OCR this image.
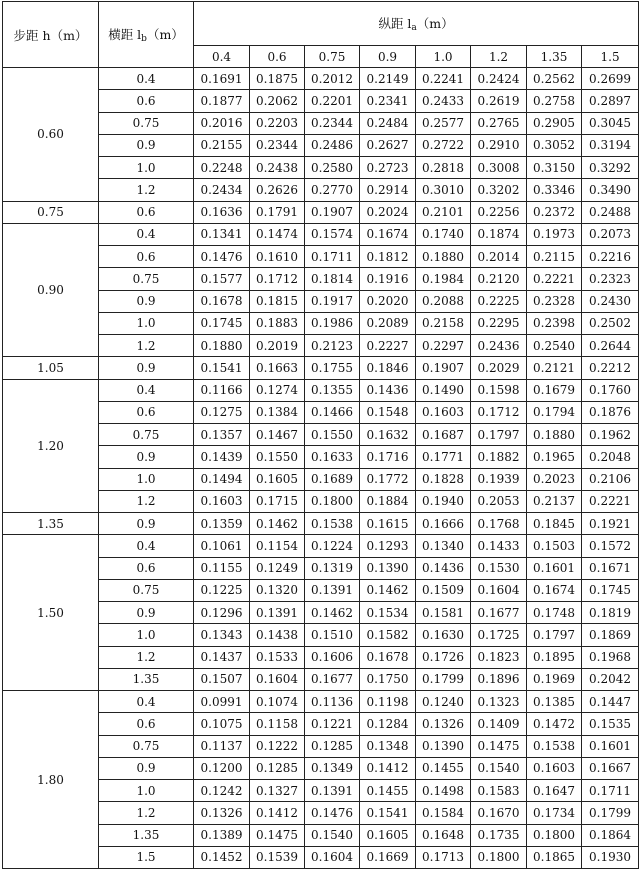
步距 h（m）	横距 $l_b(m)$	纵距 $l_a(m)$							
		0.4	0.6	0.75	0.9	1.0	1.2	1.35	1.5
0.60	0.4	0.1691	0.1875	0.2012	0.2149	0.2241	0.2424	0.2562	0.2699
	0.6	0.1877	0.2062	0.2201	0.2341	0.2433	0.2619	0.2758	0.2897
	0.75	0.2016	0.2203	0.2344	0.2484	0.2577	0.2765	0.2905	0.3045
	0.9	0.2155	0.2344	0.2486	0.2627	0.2722	0.2910	0.3052	0.3194
	1.0	0.2248	0.2438	0.2580	0.2723	0.2818	0.3008	0.3150	0.3292
	1.2	0.2434	0.2626	0.2770	0.2914	0.3010	0.3202	0.3346	0.3490
0.75	0.6	0.1636	0.1791	0.1907	0.2024	0.2101	0.2256	0.2372	0.2488
0.90	0.4	0.1341	0.1474	0.1574	0.1674	0.1740	0.1874	0.1973	0.2073
	0.6	0.1476	0.1610	0.1711	0.1812	0.1880	0.2014	0.2115	0.2216
	0.75	0.1577	0.1712	0.1814	0.1916	0.1984	0.2120	0.2221	0.2323
	0.9	0.1678	0.1815	0.1917	0.2020	0.2088	0.2225	0.2328	0.2430
	1.0	0.1745	0.1883	0.1986	0.2089	0.2158	0.2295	0.2398	0.2502
	1.2	0.1880	0.2019	0.2123	0.2227	0.2297	0.2436	0.2540	0.2644
1.05	0.9	0.1541	0.1663	0.1755	0.1846	0.1907	0.2029	0.2121	0.2212
1.20	0.4	0.1166	0.1274	0.1355	0.1436	0.1490	0.1598	0.1679	0.1760
	0.6	0.1275	0.1384	0.1466	0.1548	0.1603	0.1712	0.1794	0.1876
	0.75	0.1357	0.1467	0.1550	0.1632	0.1687	0.1797	0.1880	0.1962
	0.9	0.1439	0.1550	0.1633	0.1716	0.1771	0.1882	0.1965	0.2048
	1.0	0.1494	0.1605	0.1689	0.1772	0.1828	0.1939	0.2023	0.2106
	1.2	0.1603	0.1715	0.1800	0.1884	0.1940	0.2053	0.2137	0.2221
1.35	0.9	0.1359	0.1462	0.1538	0.1615	0.1666	0.1768	0.1845	0.1921
1.50	0.4	0.1061	0.1154	0.1224	0.1293	0.1340	0.1433	0.1503	0.1572
	0.6	0.1155	0.1249	0.1319	0.1390	0.1436	0.1530	0.1601	0.1671
	0.75	0.1225	0.1320	0.1391	0.1462	0.1509	0.1604	0.1674	0.1745
	0.9	0.1296	0.1391	0.1462	0.1534	0.1581	0.1677	0.1748	0.1819
	1.0	0.1343	0.1438	0.1510	0.1582	0.1630	0.1725	0.1797	0.1869
	1.2	0.1437	0.1533	0.1606	0.1678	0.1726	0.1823	0.1895	0.1968
	1.35	0.1507	0.1604	0.1677	0.1750	0.1799	0.1896	0.1969	0.2042
1.80	0.4	0.0991	0.1074	0.1136	0.1198	0.1240	0.1323	0.1385	0.1447
	0.6	0.1075	0.1158	0.1221	0.1284	0.1326	0.1409	0.1472	0.1535
	0.75	0.1137	0.1222	0.1285	0.1348	0.1390	0.1475	0.1538	0.1601
	0.9	0.1200	0.1285	0.1349	0.1412	0.1455	0.1540	0.1603	0.1667
	1.0	0.1242	0.1327	0.1391	0.1455	0.1498	0.1583	0.1647	0.1711
	1.2	0.1326	0.1412	0.1476	0.1541	0.1584	0.1670	0.1734	0.1799
	1.35	0.1389	0.1475	0.1540	0.1605	0.1648	0.1735	0.1800	0.1864
	1.5	0.1452	0.1539	0.1604	0.1669	0.1713	0.1800	0.1865	0.1930
